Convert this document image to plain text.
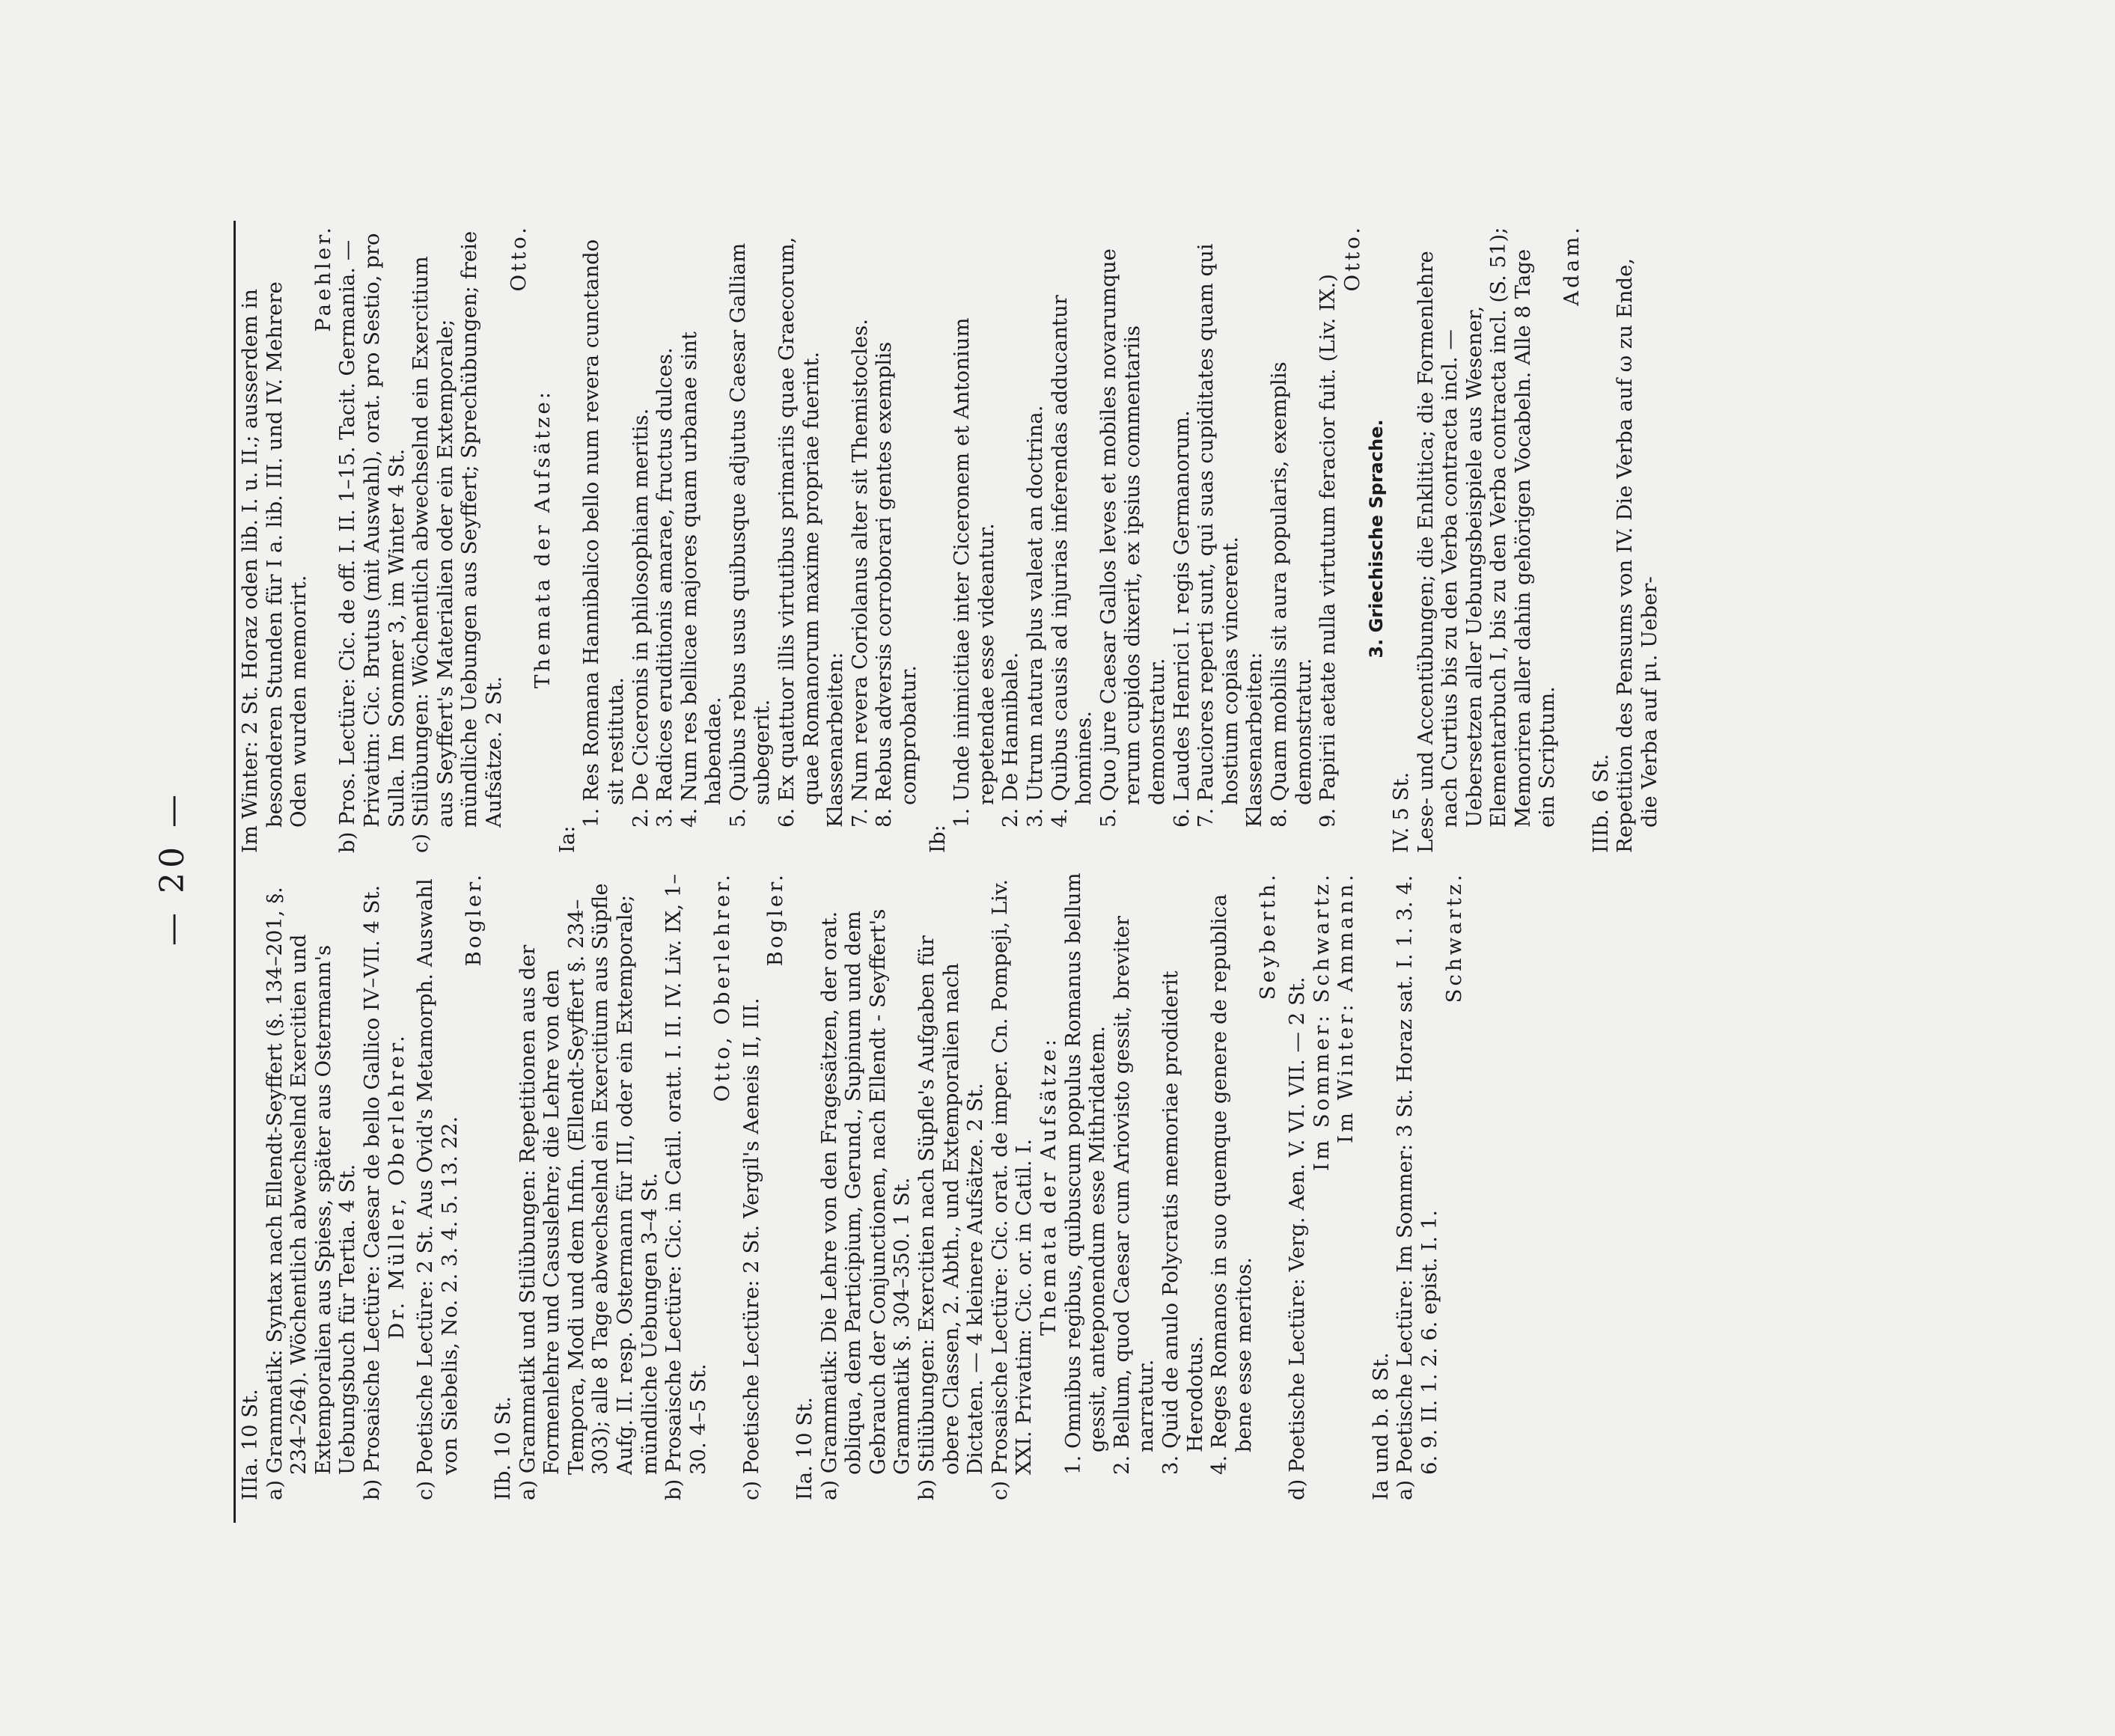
— 20 —

IIIa. 10 St. a) Grammatik: Syntax nach Ellendt-Seyffert (§. 134–201, §. 234–264). Wöchentlich abwechselnd Exercitien und Extemporalien aus Spiess, später aus Ostermann's Uebungsbuch für Tertia. 4 St. b) Prosaische Lectüre: Caesar de bello Gallico IV–VII. 4 St. Dr. Müller, Oberlehrer. c) Poetische Lectüre: 2 St. Aus Ovid's Metamorph. Auswahl von Siebelis, No. 2. 3. 4. 5. 13. 22.

Bogler.

IIb. 10 St. a) Grammatik und Stilübungen: Repetitionen aus der Formenlehre und Casuslehre; die Lehre von den Tempora, Modi und dem Infin. (Ellendt-Seyffert §. 234–303); alle 8 Tage abwechselnd ein Exercitium aus Süpfle Aufg. II. resp. Ostermann für III, oder ein Extemporale; mündliche Uebungen 3–4 St. b) Prosaische Lectüre: Cic. in Catil. oratt. I. II. IV. Liv. IX, 1–30. 4–5 St.

Otto, Oberlehrer.

c) Poetische Lectüre: 2 St. Vergil's Aeneis II, III.

Bogler.

IIa. 10 St. a) Grammatik: Die Lehre von den Fragesätzen, der orat. obliqua, dem Participium, Gerund., Supinum und dem Gebrauch der Conjunctionen, nach Ellendt - Seyffert's Grammatik §. 304–350. 1 St. b) Stilübungen: Exercitien nach Süpfle's Aufgaben für obere Classen, 2. Abth., und Extemporalien nach Dictaten. — 4 kleinere Aufsätze. 2 St. c) Prosaische Lectüre: Cic. orat. de imper. Cn. Pompeji, Liv. XXI. Privatim: Cic. or. in Catil. I. Themata der Aufsätze: 1. Omnibus regibus, quibuscum populus Romanus bellum gessit, anteponendum esse Mithridatem. 2. Bellum, quod Caesar cum Ariovisto gessit, breviter narratur. 3. Quid de anulo Polycratis memoriae prodiderit Herodotus. 4. Reges Romanos in suo quemque genere de republica bene esse meritos.

Seyberth.

d) Poetische Lectüre: Verg. Aen. V. VI. VII. — 2 St. Im Sommer: Schwartz. Im Winter: Ammann.

Ia und b. 8 St. a) Poetische Lectüre: Im Sommer: 3 St. Horaz sat. I. 1. 3. 4. 6. 9. II. 1. 2. 6. epist. I. 1.

Schwartz.

Im Winter: 2 St. Horaz oden lib. I. u. II.; ausserdem in besonderen Stunden für I a. lib. III. und IV. Mehrere Oden wurden memorirt.

Paehler. b) Pros. Lectüre: Cic. de off. I. II. 1–15. Tacit. Germania. — Privatim: Cic. Brutus (mit Auswahl), orat. pro Sestio, pro Sulla. Im Sommer 3, im Winter 4 St. c) Stilübungen: Wöchentlich abwechselnd ein Exercitium aus Seyffert's Materialien oder ein Extemporale; mündliche Uebungen aus Seyffert; Sprechübungen; freie Aufsätze. 2 St.

Otto.

Themata der Aufsätze:

Ia:

1. Res Romana Hannibalico bello num revera cunctando sit restituta. 2. De Ciceronis in philosophiam meritis. 3. Radices eruditionis amarae, fructus dulces. 4. Num res bellicae majores quam urbanae sint habendae. 5. Quibus rebus usus quibusque adjutus Caesar Galliam subegerit. 6. Ex quattuor illis virtutibus primariis quae Graecorum, quae Romanorum maxime propriae fuerint. Klassenarbeiten: 7. Num revera Coriolanus alter sit Themistocles. 8. Rebus adversis corroborari gentes exemplis comprobatur.

Ib:

1. Unde inimicitiae inter Ciceronem et Antonium repetendae esse videantur. 2. De Hannibale. 3. Utrum natura plus valeat an doctrina. 4. Quibus causis ad injurias inferendas adducantur homines. 5. Quo jure Caesar Gallos leves et mobiles novarumque rerum cupidos dixerit, ex ipsius commentariis demonstratur. 6. Laudes Henrici I. regis Germanorum. 7. Pauciores reperti sunt, qui suas cupiditates quam qui hostium copias vincerent. Klassenarbeiten: 8. Quam mobilis sit aura popularis, exemplis demonstratur. 9. Papirii aetate nulla virtutum feracior fuit. (Liv. IX.)

Otto.

3. Griechische Sprache.

IV. 5 St. Lese- und Accentübungen; die Enklitica; die Formenlehre nach Curtius bis zu den Verba contracta incl. — Uebersetzen aller Uebungsbeispiele aus Wesener, Elementarbuch I, bis zu den Verba contracta incl. (S. 51); Memoriren aller dahin gehörigen Vocabeln. Alle 8 Tage ein Scriptum.

Adam.

IIIb. 6 St. Repetition des Pensums von IV. Die Verba auf ω zu Ende, die Verba auf μι. Ueber-
